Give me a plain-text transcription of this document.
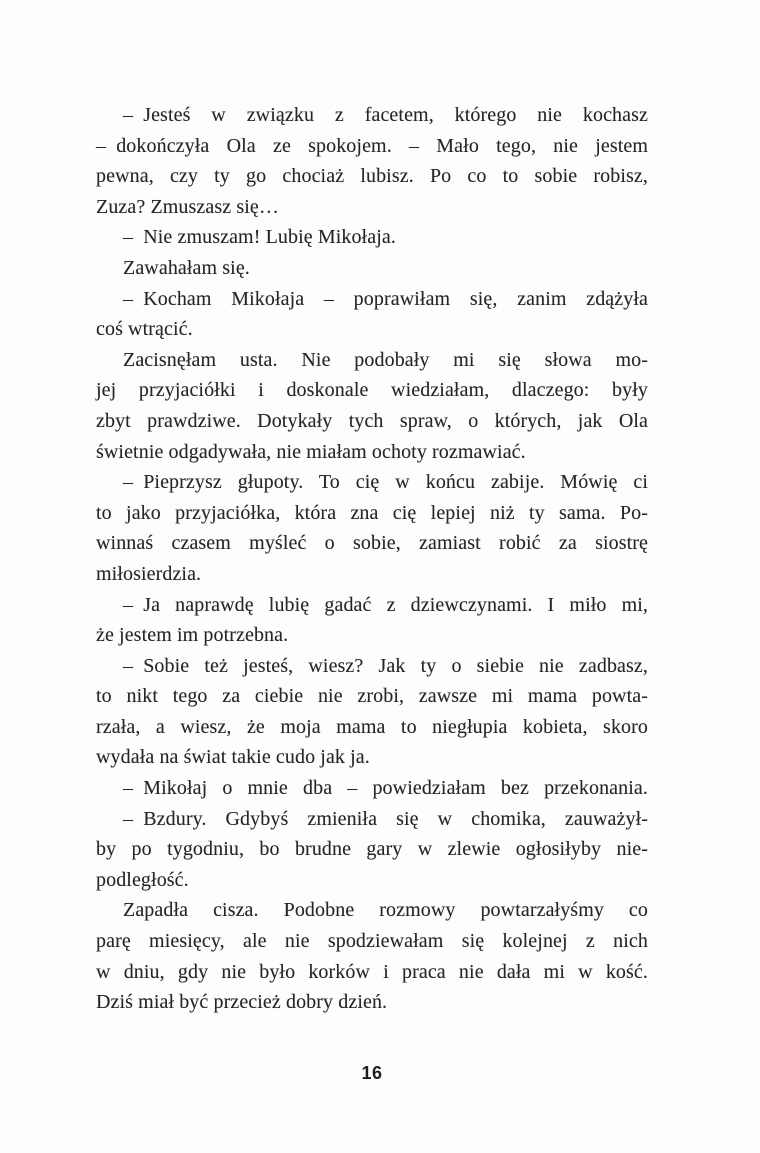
– Jesteś w związku z facetem, którego nie kochasz
– dokończyła Ola ze spokojem. – Mało tego, nie jestem
pewna, czy ty go chociaż lubisz. Po co to sobie robisz,
Zuza? Zmuszasz się…
– Nie zmuszam! Lubię Mikołaja.
Zawahałam się.
– Kocham Mikołaja – poprawiłam się, zanim zdążyła
coś wtrącić.
Zacisnęłam usta. Nie podobały mi się słowa mo-
jej przyjaciółki i doskonale wiedziałam, dlaczego: były
zbyt prawdziwe. Dotykały tych spraw, o których, jak Ola
świetnie odgadywała, nie miałam ochoty rozmawiać.
– Pieprzysz głupoty. To cię w końcu zabije. Mówię ci
to jako przyjaciółka, która zna cię lepiej niż ty sama. Po-
winnaś czasem myśleć o sobie, zamiast robić za siostrę
miłosierdzia.
– Ja naprawdę lubię gadać z dziewczynami. I miło mi,
że jestem im potrzebna.
– Sobie też jesteś, wiesz? Jak ty o siebie nie zadbasz,
to nikt tego za ciebie nie zrobi, zawsze mi mama powta-
rzała, a wiesz, że moja mama to niegłupia kobieta, skoro
wydała na świat takie cudo jak ja.
– Mikołaj o mnie dba – powiedziałam bez przekonania.
– Bzdury. Gdybyś zmieniła się w chomika, zauważył-
by po tygodniu, bo brudne gary w zlewie ogłosiłyby nie-
podległość.
Zapadła cisza. Podobne rozmowy powtarzałyśmy co
parę miesięcy, ale nie spodziewałam się kolejnej z nich
w dniu, gdy nie było korków i praca nie dała mi w kość.
Dziś miał być przecież dobry dzień.
16
